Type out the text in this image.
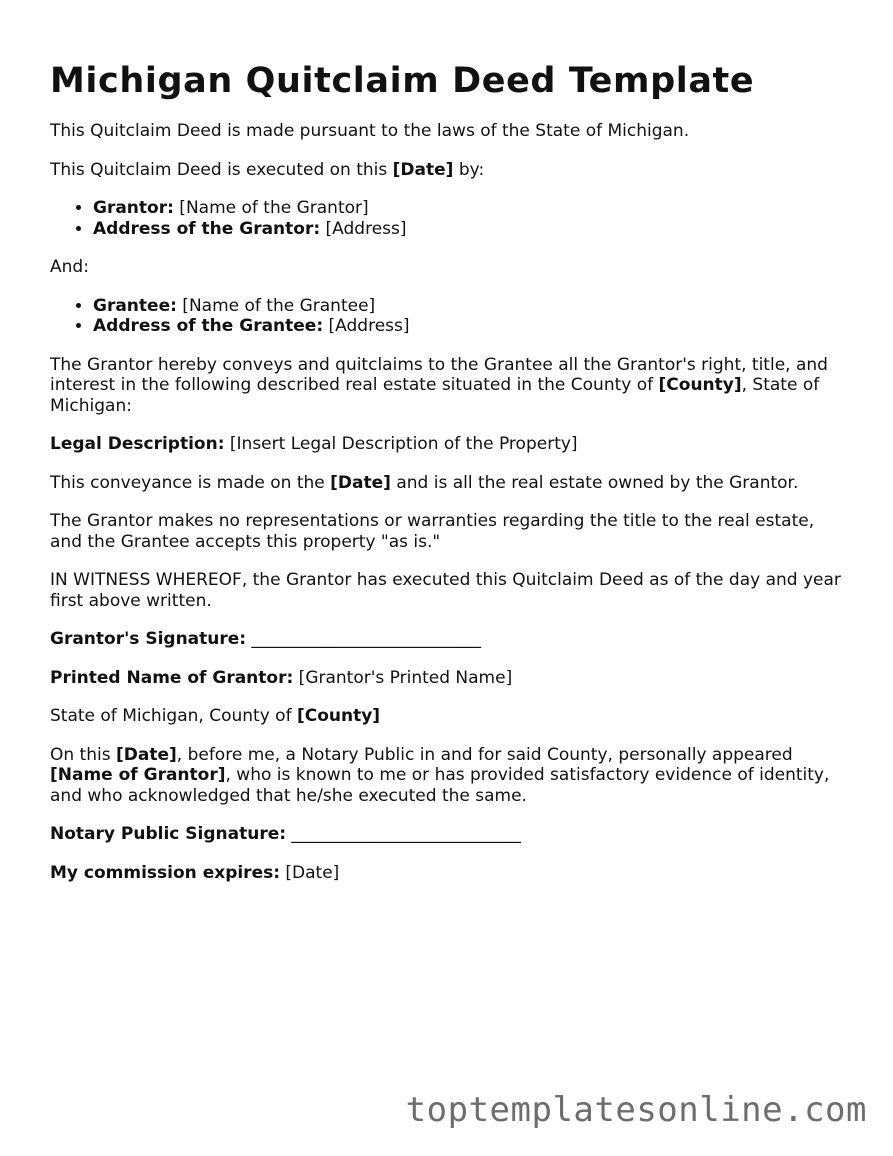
Michigan Quitclaim Deed Template

This Quitclaim Deed is made pursuant to the laws of the State of Michigan.

This Quitclaim Deed is executed on this [Date] by:

• Grantor: [Name of the Grantor]
• Address of the Grantor: [Address]

And:

• Grantee: [Name of the Grantee]
• Address of the Grantee: [Address]

The Grantor hereby conveys and quitclaims to the Grantee all the Grantor's right, title, and interest in the following described real estate situated in the County of [County], State of Michigan:

Legal Description: [Insert Legal Description of the Property]

This conveyance is made on the [Date] and is all the real estate owned by the Grantor.

The Grantor makes no representations or warranties regarding the title to the real estate, and the Grantee accepts this property "as is."

IN WITNESS WHEREOF, the Grantor has executed this Quitclaim Deed as of the day and year first above written.

Grantor's Signature: ___________________________

Printed Name of Grantor: [Grantor's Printed Name]

State of Michigan, County of [County]

On this [Date], before me, a Notary Public in and for said County, personally appeared [Name of Grantor], who is known to me or has provided satisfactory evidence of identity, and who acknowledged that he/she executed the same.

Notary Public Signature: ___________________________

My commission expires: [Date]

toptemplatesonline.com
